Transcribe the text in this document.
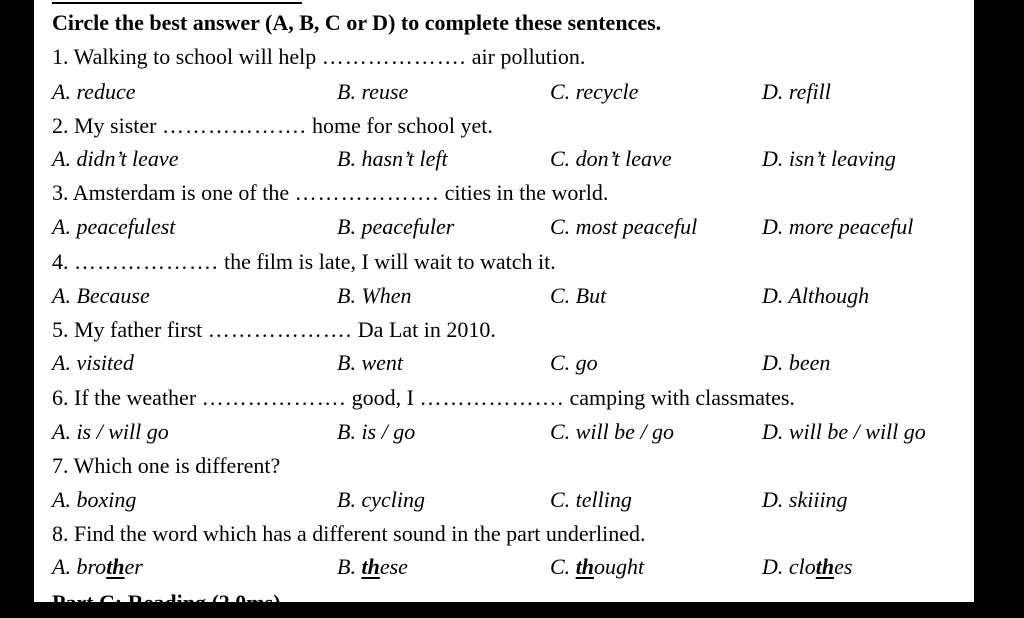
Circle the best answer (A, B, C or D) to complete these sentences.
1. Walking to school will help ………………. air pollution.
A. reduce	B. reuse	C. recycle	D. refill
2. My sister ………………. home for school yet.
A. didn’t leave	B. hasn’t left	C. don’t leave	D. isn’t leaving
3. Amsterdam is one of the ………………. cities in the world.
A. peacefulest	B. peacefuler	C. most peaceful	D. more peaceful
4. ………………. the film is late, I will wait to watch it.
A. Because	B. When	C. But	D. Although
5. My father first ………………. Da Lat in 2010.
A. visited	B. went	C. go	D. been
6. If the weather ………………. good, I ………………. camping with classmates.
A. is / will go	B. is / go	C. will be / go	D. will be / will go
7. Which one is different?
A. boxing	B. cycling	C. telling	D. skiiing
8. Find the word which has a different sound in the part underlined.
A. brother	B. these	C. thought	D. clothes
Part C: Reading (2.0ms)
